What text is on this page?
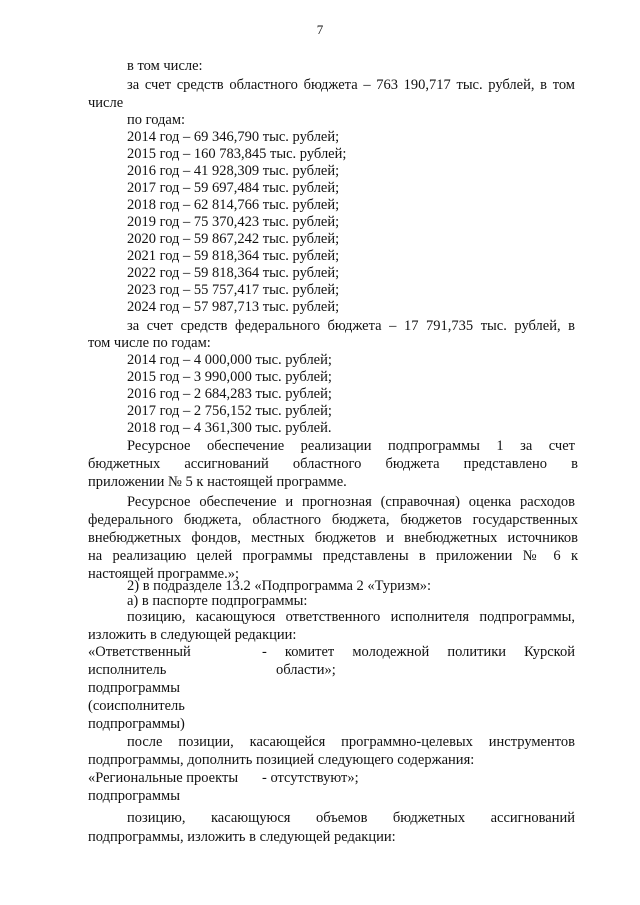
7
в том числе:
за счет средств областного бюджета – 763 190,717 тыс. рублей, в том
числе
по годам:
2014 год – 69 346,790 тыс. рублей;
2015 год – 160 783,845 тыс. рублей;
2016 год – 41 928,309 тыс. рублей;
2017 год – 59 697,484 тыс. рублей;
2018 год – 62 814,766 тыс. рублей;
2019 год – 75 370,423 тыс. рублей;
2020 год – 59 867,242 тыс. рублей;
2021 год – 59 818,364 тыс. рублей;
2022 год – 59 818,364 тыс. рублей;
2023 год – 55 757,417 тыс. рублей;
2024 год – 57 987,713 тыс. рублей;
за счет средств федерального бюджета – 17 791,735 тыс. рублей, в
том числе по годам:
2014 год – 4 000,000 тыс. рублей;
2015 год – 3 990,000 тыс. рублей;
2016 год – 2 684,283 тыс. рублей;
2017 год – 2 756,152 тыс. рублей;
2018 год – 4 361,300 тыс. рублей.
Ресурсное обеспечение реализации подпрограммы 1 за счет
бюджетных ассигнований областного бюджета представлено в
приложении № 5 к настоящей программе.
Ресурсное обеспечение и прогнозная (справочная) оценка расходов
федерального бюджета, областного бюджета, бюджетов государственных
внебюджетных фондов, местных бюджетов и внебюджетных источников
на реализацию целей программы представлены в приложении № 6 к
настоящей программе.»;
2) в подразделе 13.2 «Подпрограмма 2 «Туризм»:
а) в паспорте подпрограммы:
позицию, касающуюся ответственного исполнителя подпрограммы,
изложить в следующей редакции:
«Ответственный
исполнитель
подпрограммы
(соисполнитель
подпрограммы)
- комитет молодежной политики Курской
области»;
после позиции, касающейся программно-целевых инструментов
подпрограммы, дополнить позицией следующего содержания:
«Региональные проекты - отсутствуют»;
подпрограммы
позицию, касающуюся объемов бюджетных ассигнований
подпрограммы, изложить в следующей редакции:
